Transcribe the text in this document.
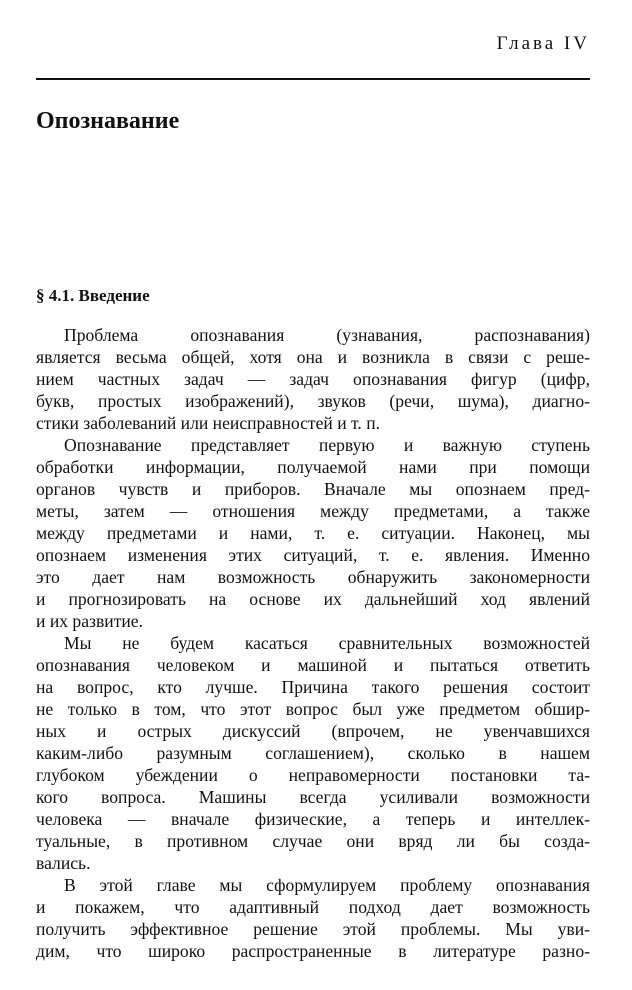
Глава IV

Опознавание
§ 4.1. Введение
Проблема опознавания (узнавания, распознавания)
является весьма общей, хотя она и возникла в связи с реше-
нием частных задач — задач опознавания фигур (цифр,
букв, простых изображений), звуков (речи, шума), диагно-
стики заболеваний или неисправностей и т. п.
Опознавание представляет первую и важную ступень
обработки информации, получаемой нами при помощи
органов чувств и приборов. Вначале мы опознаем пред-
меты, затем — отношения между предметами, а также
между предметами и нами, т. е. ситуации. Наконец, мы
опознаем изменения этих ситуаций, т. е. явления. Именно
это дает нам возможность обнаружить закономерности
и прогнозировать на основе их дальнейший ход явлений
и их развитие.
Мы не будем касаться сравнительных возможностей
опознавания человеком и машиной и пытаться ответить
на вопрос, кто лучше. Причина такого решения состоит
не только в том, что этот вопрос был уже предметом обшир-
ных и острых дискуссий (впрочем, не увенчавшихся
каким-либо разумным соглашением), сколько в нашем
глубоком убеждении о неправомерности постановки та-
кого вопроса. Машины всегда усиливали возможности
человека — вначале физические, а теперь и интеллек-
туальные, в противном случае они вряд ли бы созда-
вались.
В этой главе мы сформулируем проблему опознавания
и покажем, что адаптивный подход дает возможность
получить эффективное решение этой проблемы. Мы уви-
дим, что широко распространенные в литературе разно-
